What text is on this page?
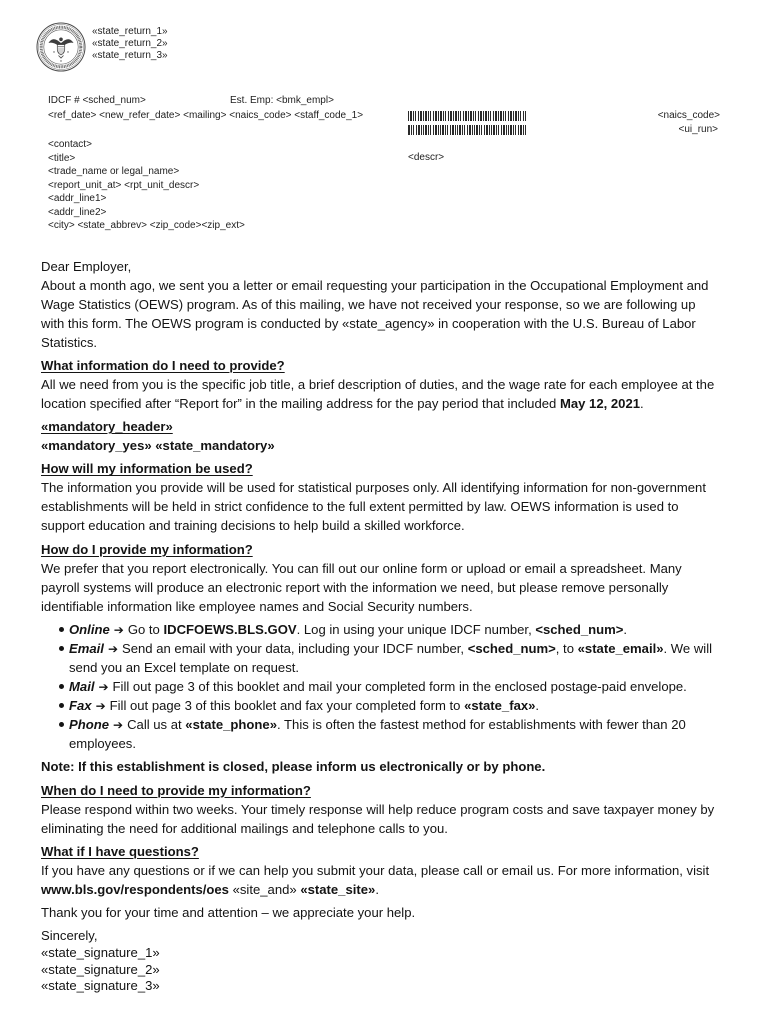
«state_return_1»
«state_return_2»
«state_return_3»
IDCF # <sched_num>	Est. Emp: <bmk_empl>
<ref_date> <new_refer_date> <mailing> <naics_code> <staff_code_1>	<naics_code>
<ui_run>
<descr>
<contact>
<title>
<trade_name or legal_name>
<report_unit_at> <rpt_unit_descr>
<addr_line1>
<addr_line2>
<city> <state_abbrev> <zip_code><zip_ext>
Dear Employer,
About a month ago, we sent you a letter or email requesting your participation in the Occupational Employment and
Wage Statistics (OEWS) program. As of this mailing, we have not received your response, so we are following up
with this form. The OEWS program is conducted by «state_agency» in cooperation with the U.S. Bureau of Labor
Statistics.
What information do I need to provide?
All we need from you is the specific job title, a brief description of duties, and the wage rate for each employee at the
location specified after “Report for” in the mailing address for the pay period that included May 12, 2021.
«mandatory_header»
«mandatory_yes» «state_mandatory»
How will my information be used?
The information you provide will be used for statistical purposes only. All identifying information for non-government
establishments will be held in strict confidence to the full extent permitted by law. OEWS information is used to
support education and training decisions to help build a skilled workforce.
How do I provide my information?
We prefer that you report electronically. You can fill out our online form or upload or email a spreadsheet. Many
payroll systems will produce an electronic report with the information we need, but please remove personally
identifiable information like employee names and Social Security numbers.
Online ➔ Go to IDCFOEWS.BLS.GOV. Log in using your unique IDCF number, <sched_num>.
Email ➔ Send an email with your data, including your IDCF number, <sched_num>, to «state_email». We will
send you an Excel template on request.
Mail ➔ Fill out page 3 of this booklet and mail your completed form in the enclosed postage-paid envelope.
Fax ➔ Fill out page 3 of this booklet and fax your completed form to «state_fax».
Phone ➔ Call us at «state_phone». This is often the fastest method for establishments with fewer than 20
employees.
Note: If this establishment is closed, please inform us electronically or by phone.
When do I need to provide my information?
Please respond within two weeks. Your timely response will help reduce program costs and save taxpayer money by
eliminating the need for additional mailings and telephone calls to you.
What if I have questions?
If you have any questions or if we can help you submit your data, please call or email us. For more information, visit
www.bls.gov/respondents/oes «site_and» «state_site».
Thank you for your time and attention – we appreciate your help.
Sincerely,
«state_signature_1»
«state_signature_2»
«state_signature_3»
